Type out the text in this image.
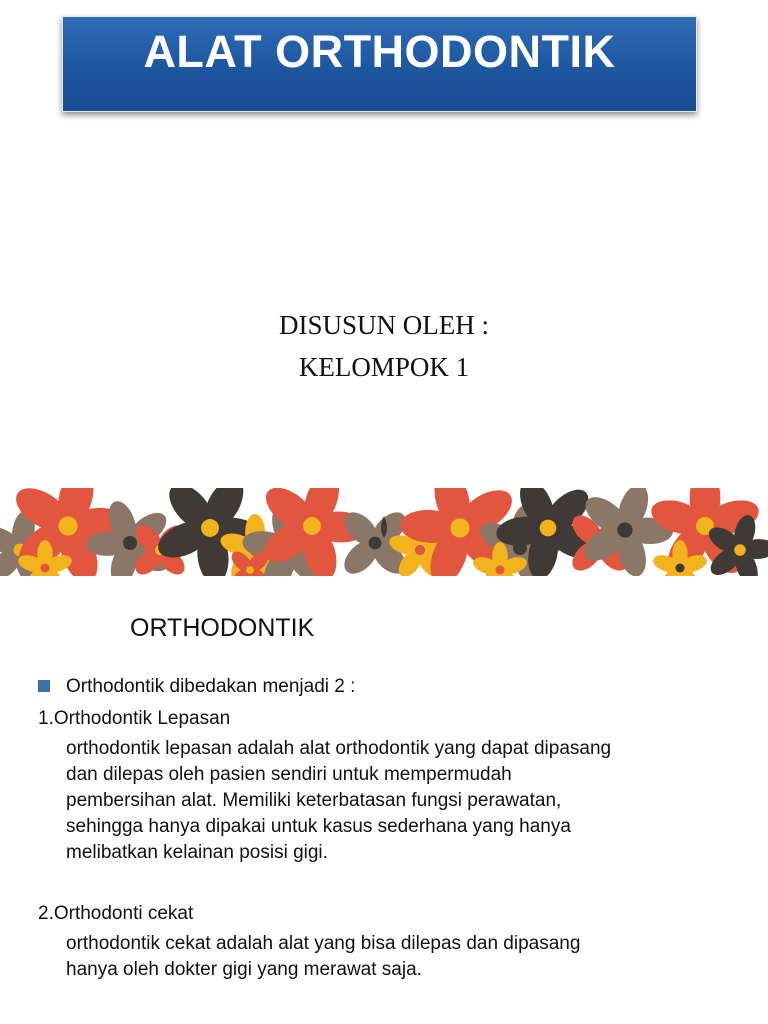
ALAT ORTHODONTIK
DISUSUN OLEH :
KELOMPOK 1
ORTHODONTIK
Orthodontik dibedakan menjadi 2 :
1.Orthodontik Lepasan
orthodontik lepasan adalah alat orthodontik yang dapat dipasang dan dilepas oleh pasien sendiri untuk mempermudah pembersihan alat. Memiliki keterbatasan fungsi perawatan, sehingga hanya dipakai untuk kasus sederhana yang hanya melibatkan kelainan posisi gigi.
2.Orthodonti cekat
orthodontik cekat adalah alat yang bisa dilepas dan dipasang hanya oleh dokter gigi yang merawat saja.
